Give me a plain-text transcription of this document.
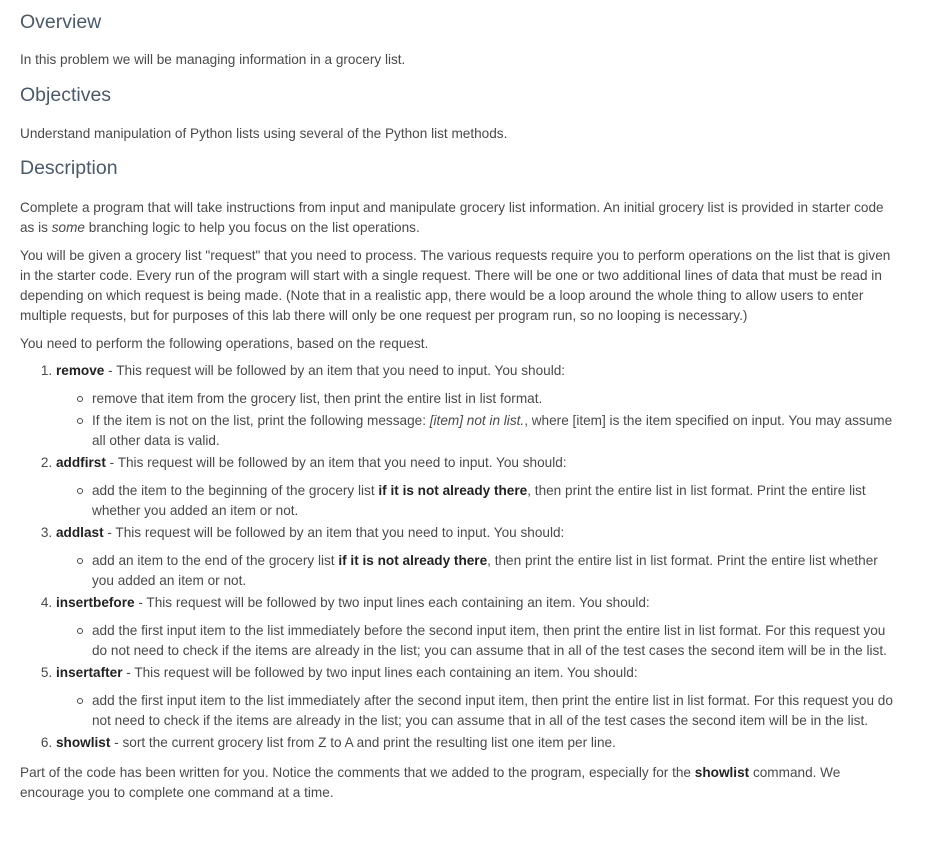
Overview

In this problem we will be managing information in a grocery list.

Objectives

Understand manipulation of Python lists using several of the Python list methods.

Description

Complete a program that will take instructions from input and manipulate grocery list information. An initial grocery list is provided in starter code as is some branching logic to help you focus on the list operations.

You will be given a grocery list "request" that you need to process. The various requests require you to perform operations on the list that is given in the starter code. Every run of the program will start with a single request. There will be one or two additional lines of data that must be read in depending on which request is being made. (Note that in a realistic app, there would be a loop around the whole thing to allow users to enter multiple requests, but for purposes of this lab there will only be one request per program run, so no looping is necessary.)

You need to perform the following operations, based on the request.

1. remove - This request will be followed by an item that you need to input. You should:
remove that item from the grocery list, then print the entire list in list format.
If the item is not on the list, print the following message: [item] not in list., where [item] is the item specified on input. You may assume all other data is valid.
2. addfirst - This request will be followed by an item that you need to input. You should:
add the item to the beginning of the grocery list if it is not already there, then print the entire list in list format. Print the entire list whether you added an item or not.
3. addlast - This request will be followed by an item that you need to input. You should:
add an item to the end of the grocery list if it is not already there, then print the entire list in list format. Print the entire list whether you added an item or not.
4. insertbefore - This request will be followed by two input lines each containing an item. You should:
add the first input item to the list immediately before the second input item, then print the entire list in list format. For this request you do not need to check if the items are already in the list; you can assume that in all of the test cases the second item will be in the list.
5. insertafter - This request will be followed by two input lines each containing an item. You should:
add the first input item to the list immediately after the second input item, then print the entire list in list format. For this request you do not need to check if the items are already in the list; you can assume that in all of the test cases the second item will be in the list.
6. showlist - sort the current grocery list from Z to A and print the resulting list one item per line.

Part of the code has been written for you. Notice the comments that we added to the program, especially for the showlist command. We encourage you to complete one command at a time.
